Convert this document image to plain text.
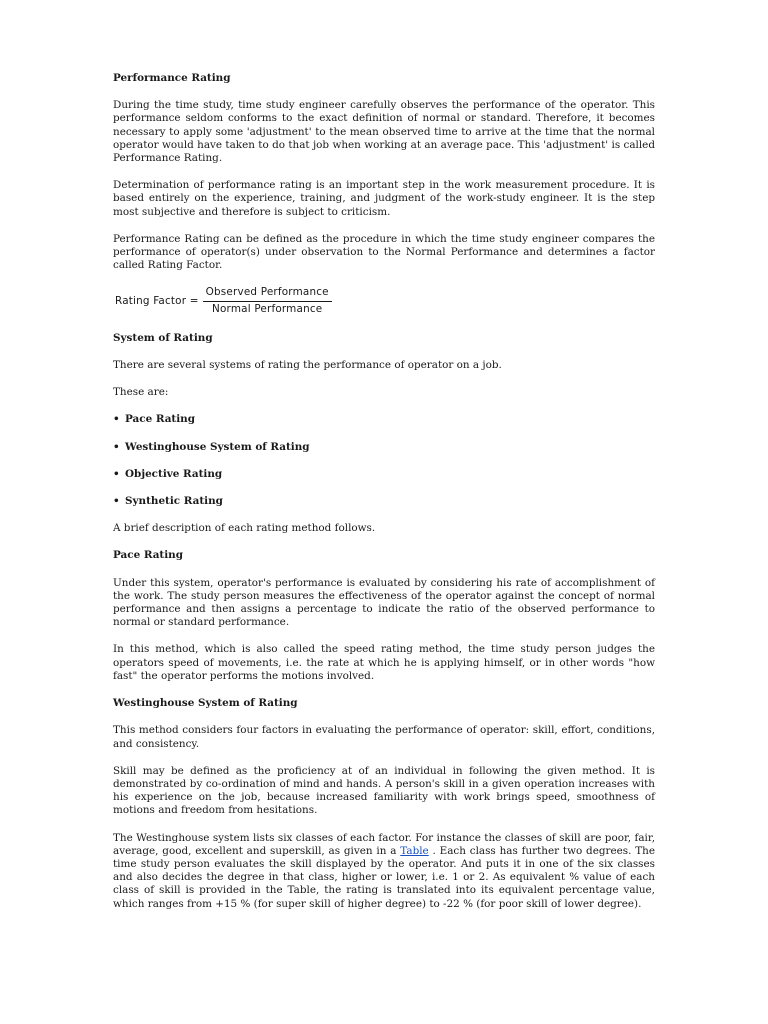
Performance Rating

During the time study, time study engineer carefully observes the performance of the operator. This performance seldom conforms to the exact definition of normal or standard. Therefore, it becomes necessary to apply some 'adjustment' to the mean observed time to arrive at the time that the normal operator would have taken to do that job when working at an average pace. This 'adjustment' is called Performance Rating.

Determination of performance rating is an important step in the work measurement procedure. It is based entirely on the experience, training, and judgment of the work-study engineer. It is the step most subjective and therefore is subject to criticism.

Performance Rating can be defined as the procedure in which the time study engineer compares the performance of operator(s) under observation to the Normal Performance and determines a factor called Rating Factor.

Rating Factor = $\frac{\text{Observed Performance}}{\text{Normal Performance}}$
System of Rating

There are several systems of rating the performance of operator on a job.

These are:

• Pace Rating
• Westinghouse System of Rating
• Objective Rating
• Synthetic Rating

A brief description of each rating method follows.

Pace Rating

Under this system, operator's performance is evaluated by considering his rate of accomplishment of the work. The study person measures the effectiveness of the operator against the concept of normal performance and then assigns a percentage to indicate the ratio of the observed performance to normal or standard performance.

In this method, which is also called the speed rating method, the time study person judges the operators speed of movements, i.e. the rate at which he is applying himself, or in other words "how fast" the operator performs the motions involved.

Westinghouse System of Rating

This method considers four factors in evaluating the performance of operator: skill, effort, conditions, and consistency.

Skill may be defined as the proficiency at of an individual in following the given method. It is demonstrated by co-ordination of mind and hands. A person's skill in a given operation increases with his experience on the job, because increased familiarity with work brings speed, smoothness of motions and freedom from hesitations.

The Westinghouse system lists six classes of each factor. For instance the classes of skill are poor, fair, average, good, excellent and superskill, as given in a Table . Each class has further two degrees. The time study person evaluates the skill displayed by the operator. And puts it in one of the six classes and also decides the degree in that class, higher or lower, i.e. 1 or 2. As equivalent % value of each class of skill is provided in the Table, the rating is translated into its equivalent percentage value, which ranges from +15 % (for super skill of higher degree) to -22 % (for poor skill of lower degree).
